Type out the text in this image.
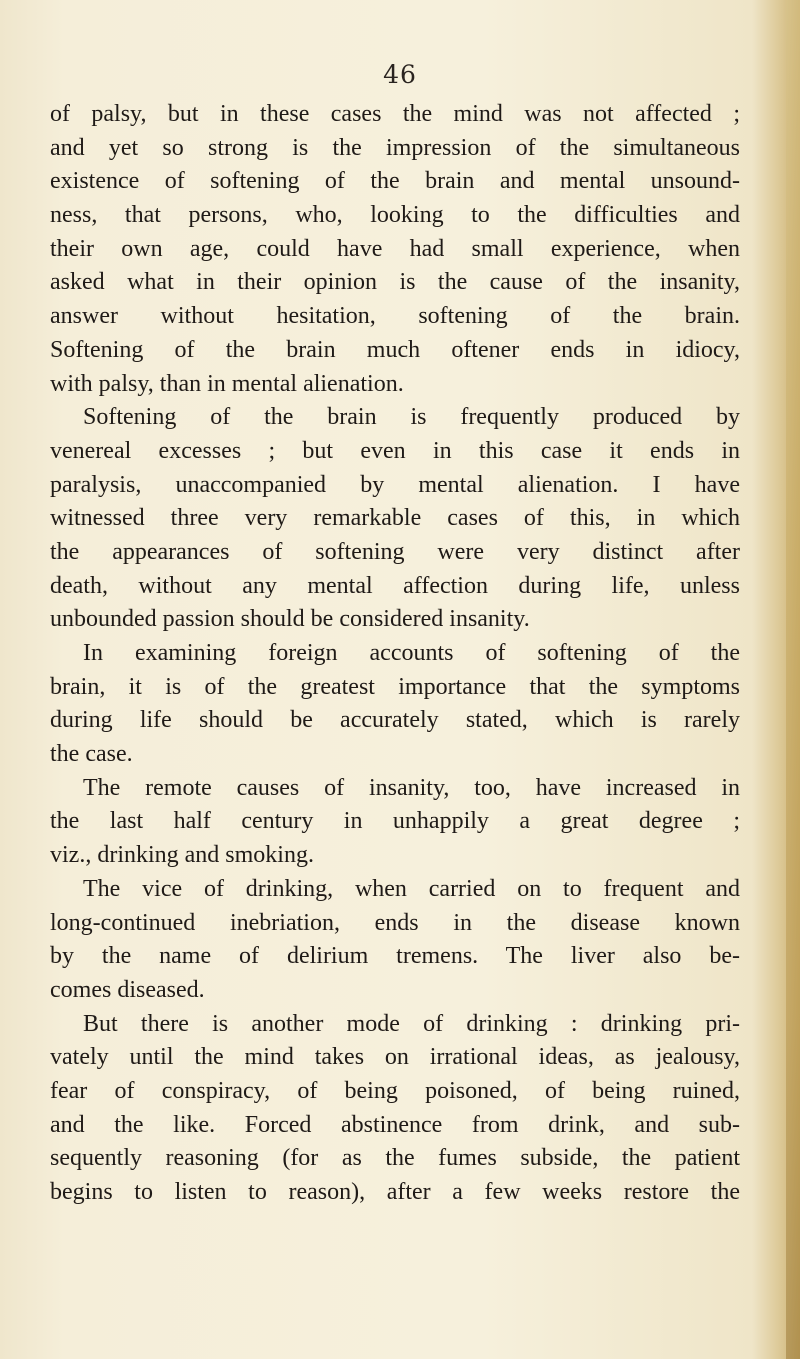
46
of palsy, but in these cases the mind was not affected ;
and yet so strong is the impression of the simultaneous
existence of softening of the brain and mental unsound-
ness, that persons, who, looking to the difficulties and
their own age, could have had small experience, when
asked what in their opinion is the cause of the insanity,
answer without hesitation, softening of the brain.
Softening of the brain much oftener ends in idiocy,
with palsy, than in mental alienation.
Softening of the brain is frequently produced by
venereal excesses ; but even in this case it ends in
paralysis, unaccompanied by mental alienation. I have
witnessed three very remarkable cases of this, in which
the appearances of softening were very distinct after
death, without any mental affection during life, unless
unbounded passion should be considered insanity.
In examining foreign accounts of softening of the
brain, it is of the greatest importance that the symptoms
during life should be accurately stated, which is rarely
the case.
The remote causes of insanity, too, have increased in
the last half century in unhappily a great degree ;
viz., drinking and smoking.
The vice of drinking, when carried on to frequent and
long-continued inebriation, ends in the disease known
by the name of delirium tremens. The liver also be-
comes diseased.
But there is another mode of drinking : drinking pri-
vately until the mind takes on irrational ideas, as jealousy,
fear of conspiracy, of being poisoned, of being ruined,
and the like. Forced abstinence from drink, and sub-
sequently reasoning (for as the fumes subside, the patient
begins to listen to reason), after a few weeks restore the
